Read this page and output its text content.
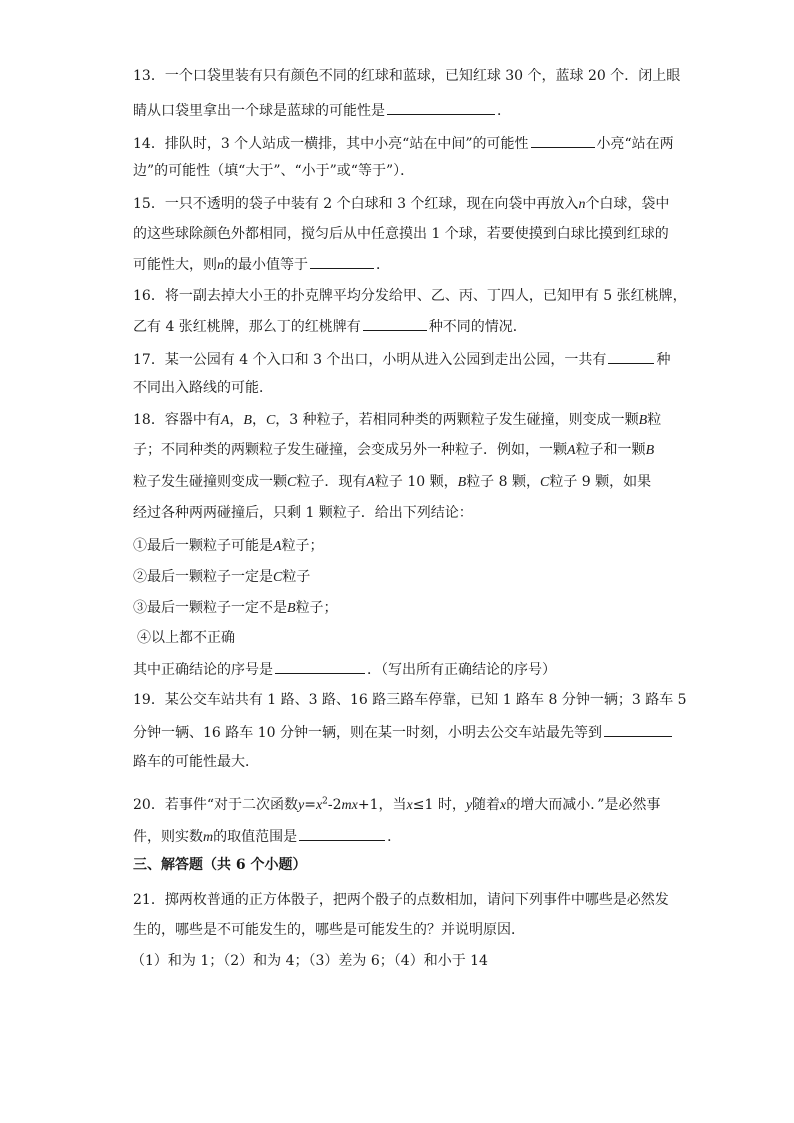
13．一个口袋里装有只有颜色不同的红球和蓝球，已知红球 30 个，蓝球 20 个．闭上眼
睛从口袋里拿出一个球是蓝球的可能性是	．
14．排队时，3 个人站成一横排，其中小亮“站在中间”的可能性	小亮“站在两
边”的可能性（填“大于”、“小于”或“等于”）．
15．一只不透明的袋子中装有 2 个白球和 3 个红球，现在向袋中再放入n个白球，袋中
的这些球除颜色外都相同，搅匀后从中任意摸出 1 个球，若要使摸到白球比摸到红球的
可能性大，则n的最小值等于	．
16．将一副去掉大小王的扑克牌平均分发给甲、乙、丙、丁四人，已知甲有 5 张红桃牌，
乙有 4 张红桃牌，那么丁的红桃牌有	种不同的情况．
17．某一公园有 4 个入口和 3 个出口，小明从进入公园到走出公园，一共有	种
不同出入路线的可能．
18．容器中有A，B，C，3 种粒子，若相同种类的两颗粒子发生碰撞，则变成一颗B粒
子；不同种类的两颗粒子发生碰撞，会变成另外一种粒子．例如，一颗A粒子和一颗B
粒子发生碰撞则变成一颗C粒子．现有A粒子 10 颗，B粒子 8 颗，C粒子 9 颗，如果
经过各种两两碰撞后，只剩 1 颗粒子．给出下列结论：
①最后一颗粒子可能是A粒子；
②最后一颗粒子一定是C粒子
③最后一颗粒子一定不是B粒子；
④以上都不正确
其中正确结论的序号是	．（写出所有正确结论的序号）
19．某公交车站共有 1 路、3 路、16 路三路车停靠，已知 1 路车 8 分钟一辆；3 路车 5
分钟一辆、16 路车 10 分钟一辆，则在某一时刻，小明去公交车站最先等到
路车的可能性最大．
20．若事件“对于二次函数$y=x^2-2mx+1$，当x≤1 时，y随着x的增大而减小．”是必然事
件，则实数m的取值范围是	．
三、解答题（共 6 个小题）
21．掷两枚普通的正方体骰子，把两个骰子的点数相加，请问下列事件中哪些是必然发
生的，哪些是不可能发生的，哪些是可能发生的？并说明原因．
（1）和为 1；（2）和为 4；（3）差为 6；（4）和小于 14
